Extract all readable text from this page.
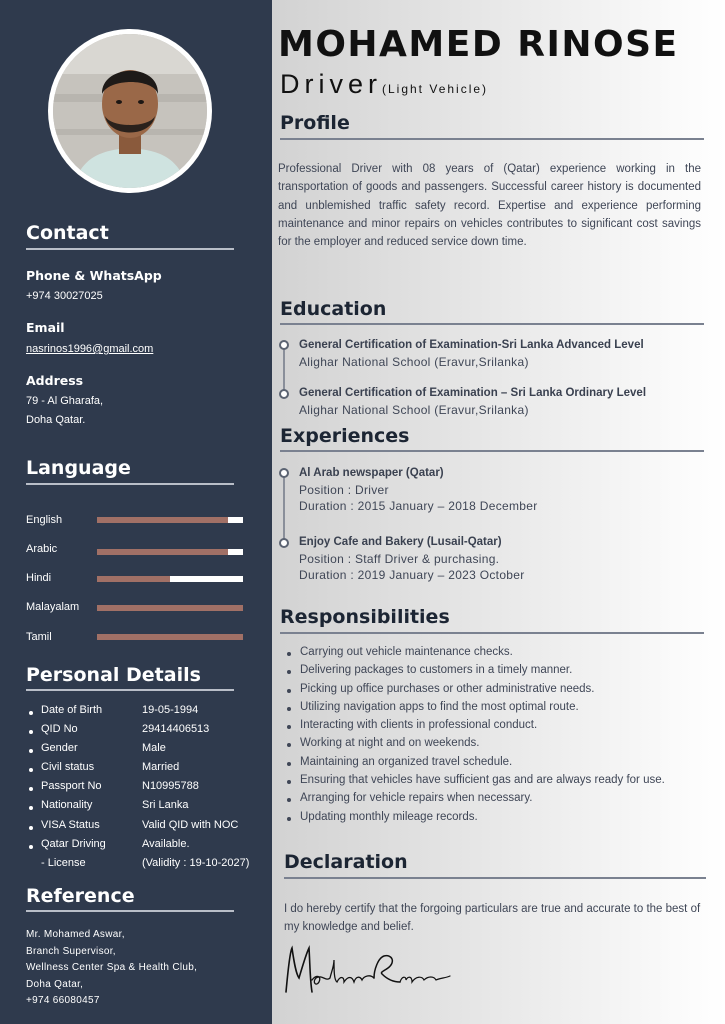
Contact
Phone & WhatsApp
+974 30027025
Email
nasrinos1996@gmail.com
Address
79 - Al Gharafa,
Doha Qatar.
Language
English
Arabic
Hindi
Malayalam
Tamil
Personal Details
Date of Birth	19-05-1994
QID No	29414406513
Gender	Male
Civil status	Married
Passport No	N10995788
Nationality	Sri Lanka
VISA Status	Valid QID with NOC
Qatar Driving	Available.
- License	(Validity : 19-10-2027)
Reference
Mr. Mohamed Aswar,
Branch Supervisor,
Wellness Center Spa & Health Club,
Doha Qatar,
+974 66080457
MOHAMED RINOSE
Driver(Light Vehicle)
Profile
Professional Driver with 08 years of (Qatar) experience working in the transportation of goods and passengers. Successful career history is documented and unblemished traffic safety record. Expertise and experience performing maintenance and minor repairs on vehicles contributes to significant cost savings for the employer and reduced service down time.
Education
General Certification of Examination-Sri Lanka Advanced Level
Alighar National School (Eravur,Srilanka)
General Certification of Examination – Sri Lanka Ordinary Level
Alighar National School (Eravur,Srilanka)
Experiences
Al Arab newspaper (Qatar)
Position : Driver
Duration : 2015 January – 2018 December
Enjoy Cafe and Bakery (Lusail-Qatar)
Position : Staff Driver & purchasing.
Duration : 2019 January – 2023 October
Responsibilities
Carrying out vehicle maintenance checks.
Delivering packages to customers in a timely manner.
Picking up office purchases or other administrative needs.
Utilizing navigation apps to find the most optimal route.
Interacting with clients in professional conduct.
Working at night and on weekends.
Maintaining an organized travel schedule.
Ensuring that vehicles have sufficient gas and are always ready for use.
Arranging for vehicle repairs when necessary.
Updating monthly mileage records.
Declaration
I do hereby certify that the forgoing particulars are true and accurate to the best of my knowledge and belief.
